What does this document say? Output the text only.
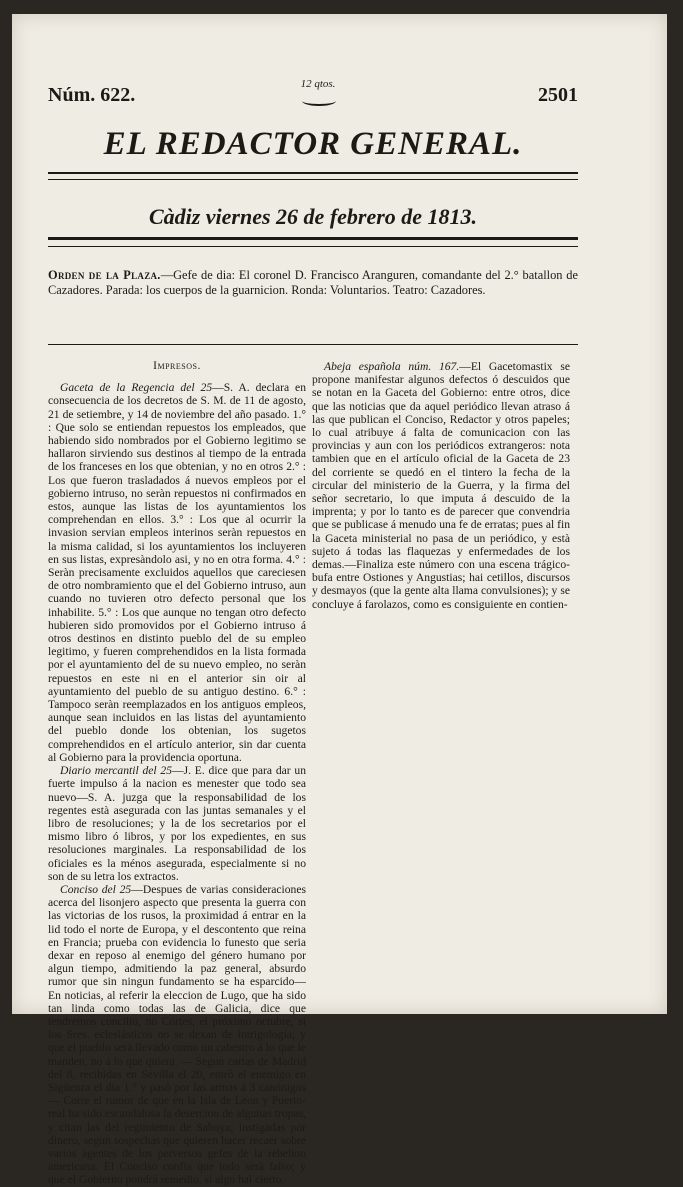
Núm. 622.	12 qtos.	2501
EL REDACTOR GENERAL.
Càdiz viernes 26 de febrero de 1813.
Orden de la Plaza.—Gefe de dia: El coronel D. Francisco Aranguren, comandante del 2.° batallon de Cazadores. Parada: los cuerpos de la guarnicion. Ronda: Voluntarios. Teatro: Cazadores.

Impresos.

Gaceta de la Regencia del 25—S. A. declara en consecuencia de los decretos de S. M. de 11 de agosto, 21 de setiembre, y 14 de noviembre del año pasado. 1.° : Que solo se entiendan repuestos los empleados, que habiendo sido nombrados por el Gobierno legitimo se hallaron sirviendo sus destinos al tiempo de la entrada de los franceses en los que obtenian, y no en otros 2.° : Los que fueron trasladados á nuevos empleos por el gobierno intruso, no seràn repuestos ni confirmados en estos, aunque las listas de los ayuntamientos los comprehendan en ellos. 3.° : Los que al ocurrir la invasion servian empleos interinos seràn repuestos en la misma calidad, si los ayuntamientos los incluyeren en sus listas, expresàndolo asi, y no en otra forma. 4.° : Seràn precisamente excluidos aquellos que careciesen de otro nombramiento que el del Gobierno intruso, aun cuando no tuvieren otro defecto personal que los inhabilite. 5.° : Los que aunque no tengan otro defecto hubieren sido promovidos por el Gobierno intruso á otros destinos en distinto pueblo del de su empleo legitimo, y fueren comprehendidos en la lista formada por el ayuntamiento del de su nuevo empleo, no seràn repuestos en este ni en el anterior sin oir al ayuntamiento del pueblo de su antiguo destino. 6.° : Tampoco seràn reemplazados en los antiguos empleos, aunque sean incluidos en las listas del ayuntamiento del pueblo donde los obtenian, los sugetos comprehendidos en el artículo anterior, sin dar cuenta al Gobierno para la providencia oportuna.

Diario mercantil del 25—J. E. dice que para dar un fuerte impulso á la nacion es menester que todo sea nuevo—S. A. juzga que la responsabilidad de los regentes està asegurada con las juntas semanales y el libro de resoluciones; y la de los secretarios por el mismo libro ó libros, y por los expedientes, en sus resoluciones marginales. La responsabilidad de los oficiales es la ménos asegurada, especialmente si no son de su letra los extractos.

Conciso del 25—Despues de varias consideraciones acerca del lisonjero aspecto que presenta la guerra con las victorias de los rusos, la proximidad á entrar en la lid todo el norte de Europa, y el descontento que reina en Francia; prueba con evidencia lo funesto que seria dexar en reposo al enemigo del género humano por algun tiempo, admitiendo la paz general, absurdo rumor que sin ningun fundamento se ha esparcido— En noticias, al referir la eleccion de Lugo, que ha sido tan linda como todas las de Galicia, dice que tendremos concilio, no Córtes, el próximo octubre, si los Sres. eclesiásticos no se dexan de intrigología; y que el pueblo serà llevado como un cabestro á lo que le manden, no á lo que quiera. — Segun cartas de Madrid del 8, recibidas en Sevilla el 20, entrò el enemigo en Sigüenza el dia 1.° y pasò por las armas á 3 canónigos— Corre el rumor de que en la Isla de Leon y Puerto-real ha sido escandalosa la desercion de algunas tropas, y citan las del regimiento de Saboya; instigadas por dinero, segun sospechas que quieren hacer recaer sobre varios agentes de los perversos gefes de la rebelion americana. El Conciso confia que todo serà falso; y que el Gobierno pondrà remedio, si algo hai cierto.

Abeja española núm. 167.—El Gacetomastix se propone manifestar algunos defectos ó descuidos que se notan en la Gaceta del Gobierno: entre otros, dice que las noticias que da aquel periódico llevan atraso á las que publican el Conciso, Redactor y otros papeles; lo cual atribuye á falta de comunicacion con las provincias y aun con los periódicos extrangeros: nota tambien que en el artículo oficial de la Gaceta de 23 del corriente se quedó en el tintero la fecha de la circular del ministerio de la Guerra, y la firma del señor secretario, lo que imputa á descuido de la imprenta; y por lo tanto es de parecer que convendria que se publicase á menudo una fe de erratas; pues al fin la Gaceta ministerial no pasa de un periódico, y està sujeto á todas las flaquezas y enfermedades de los demas.—Finaliza este número con una escena trágico-bufa entre Ostiones y Angustias; hai cetillos, discursos y desmayos (que la gente alta llama convulsiones); y se concluye á farolazos, como es consiguiente en contien-
